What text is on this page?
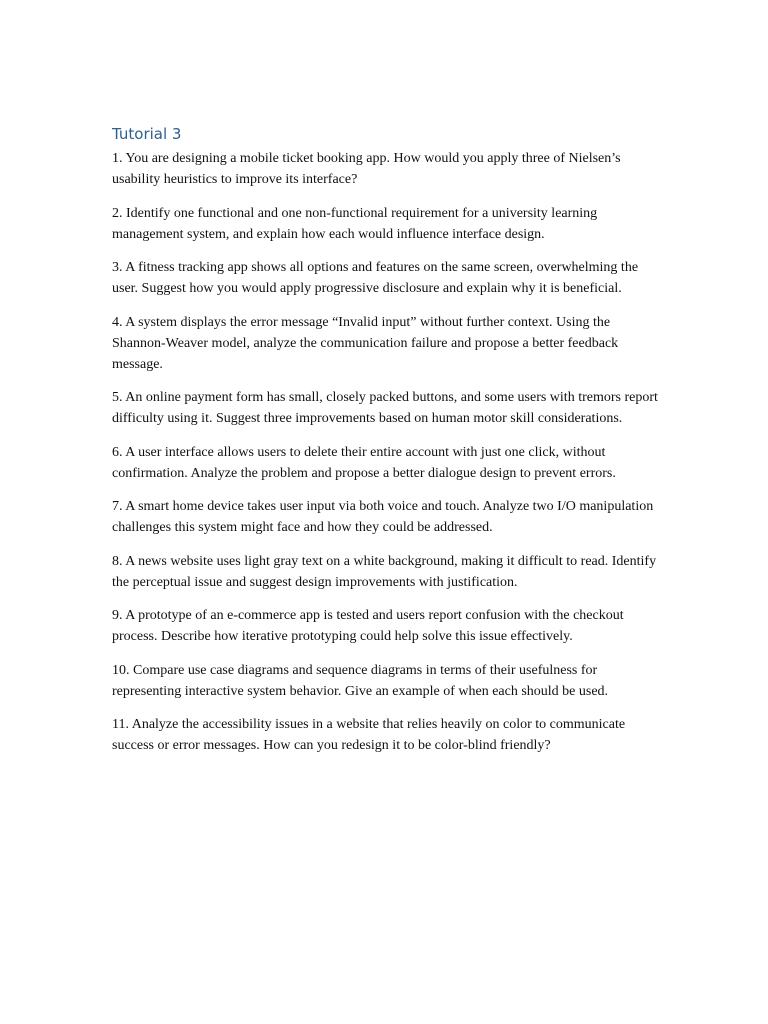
Tutorial 3

1. You are designing a mobile ticket booking app. How would you apply three of Nielsen’s usability heuristics to improve its interface?

2. Identify one functional and one non-functional requirement for a university learning management system, and explain how each would influence interface design.

3. A fitness tracking app shows all options and features on the same screen, overwhelming the user. Suggest how you would apply progressive disclosure and explain why it is beneficial.

4. A system displays the error message “Invalid input” without further context. Using the Shannon-Weaver model, analyze the communication failure and propose a better feedback message.

5. An online payment form has small, closely packed buttons, and some users with tremors report difficulty using it. Suggest three improvements based on human motor skill considerations.

6. A user interface allows users to delete their entire account with just one click, without confirmation. Analyze the problem and propose a better dialogue design to prevent errors.

7. A smart home device takes user input via both voice and touch. Analyze two I/O manipulation challenges this system might face and how they could be addressed.

8. A news website uses light gray text on a white background, making it difficult to read. Identify the perceptual issue and suggest design improvements with justification.

9. A prototype of an e-commerce app is tested and users report confusion with the checkout process. Describe how iterative prototyping could help solve this issue effectively.

10. Compare use case diagrams and sequence diagrams in terms of their usefulness for representing interactive system behavior. Give an example of when each should be used.

11. Analyze the accessibility issues in a website that relies heavily on color to communicate success or error messages. How can you redesign it to be color-blind friendly?
